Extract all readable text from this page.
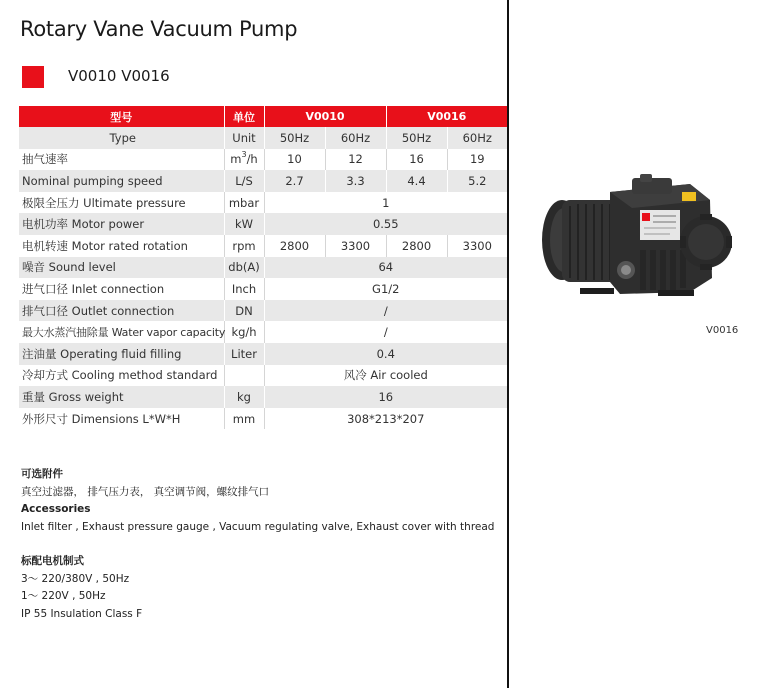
Rotary Vane Vacuum Pump
V0010 V0016
型号	单位	V0010		V0016	
Type	Unit	50Hz	60Hz	50Hz	60Hz
抽气速率	$m^3/h$	10	12	16	19
Nominal pumping speed	L/S	2.7	3.3	4.4	5.2
极限全压力 Ultimate pressure	mbar	1			
电机功率 Motor power	kW	0.55			
电机转速 Motor rated rotation	rpm	2800	3300	2800	3300
噪音 Sound level	db(A)	64			
进气口径 Inlet connection	Inch	G1/2			
排气口径 Outlet connection	DN	/			
最大水蒸汽抽除量 Water vapor capacity	kg/h	/			
注油量 Operating fluid filling	Liter	0.4			
冷却方式 Cooling method standard		风冷 Air cooled			
重量 Gross weight	kg	16			
外形尺寸 Dimensions L*W*H	mm	308*213*207			
V0016
可选附件
真空过滤器， 排气压力表， 真空调节阀，螺纹排气口
Accessories
Inlet filter , Exhaust pressure gauge , Vacuum regulating valve, Exhaust cover with thread
标配电机制式
3～ 220/380V , 50Hz
1～ 220V , 50Hz
IP 55 Insulation Class F
